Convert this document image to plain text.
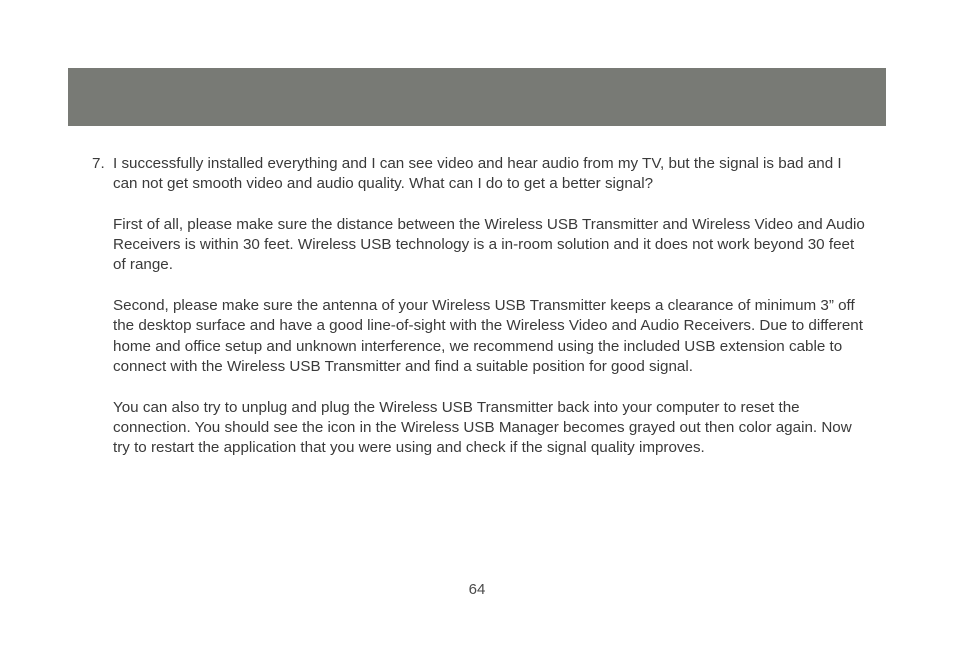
7. I successfully installed everything and I can see video and hear audio from my TV, but the signal is bad and I can not get smooth video and audio quality. What can I do to get a better signal?

First of all, please make sure the distance between the Wireless USB Transmitter and Wireless Video and Audio Receivers is within 30 feet. Wireless USB technology is a in-room solution and it does not work beyond 30 feet of range.

Second, please make sure the antenna of your Wireless USB Transmitter keeps a clearance of minimum 3” off the desktop surface and have a good line-of-sight with the Wireless Video and Audio Receivers. Due to different home and office setup and unknown interference, we recommend using the included USB extension cable to connect with the Wireless USB Transmitter and find a suitable position for good signal.

You can also try to unplug and plug the Wireless USB Transmitter back into your computer to reset the connection. You should see the icon in the Wireless USB Manager becomes grayed out then color again. Now try to restart the application that you were using and check if the signal quality improves.

64
